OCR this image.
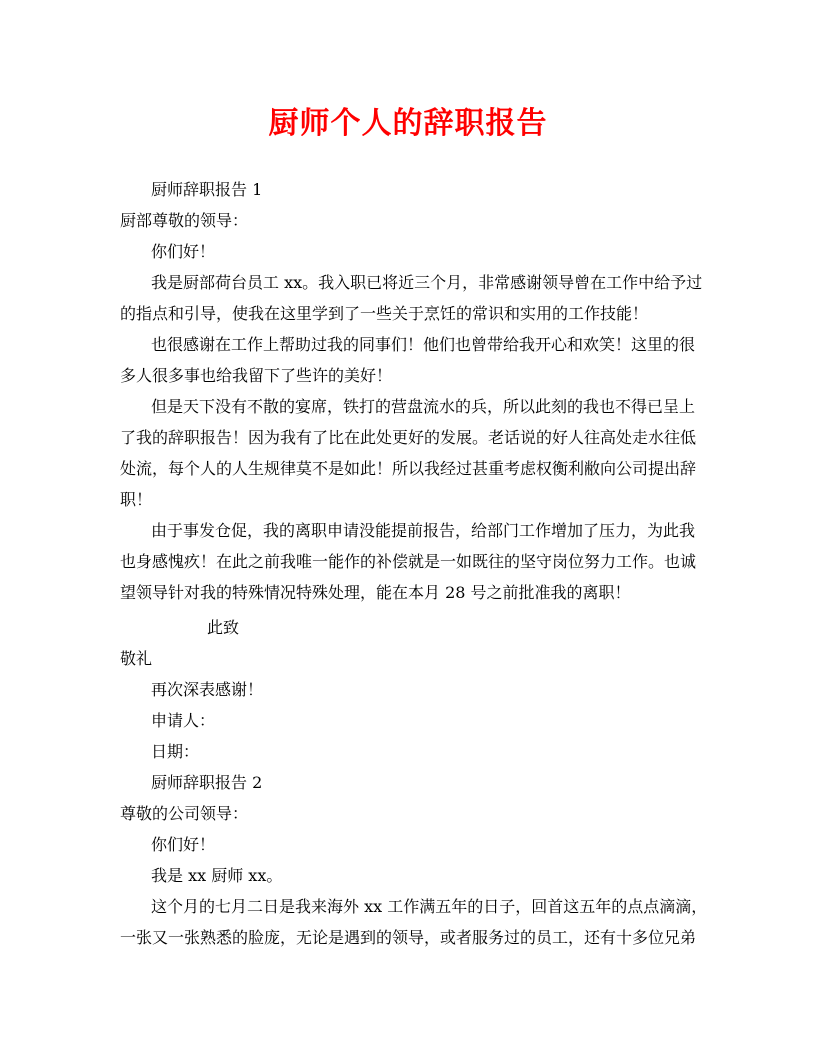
厨师个人的辞职报告
厨师辞职报告 1
厨部尊敬的领导：
你们好！
我是厨部荷台员工 xx。我入职已将近三个月，非常感谢领导曾在工作中给予过
的指点和引导，使我在这里学到了一些关于烹饪的常识和实用的工作技能！
也很感谢在工作上帮助过我的同事们！他们也曾带给我开心和欢笑！这里的很
多人很多事也给我留下了些许的美好！
但是天下没有不散的宴席，铁打的营盘流水的兵，所以此刻的我也不得已呈上
了我的辞职报告！因为我有了比在此处更好的发展。老话说的好人往高处走水往低
处流，每个人的人生规律莫不是如此！所以我经过甚重考虑权衡利敝向公司提出辞
职！
由于事发仓促，我的离职申请没能提前报告，给部门工作增加了压力，为此我
也身感愧疚！在此之前我唯一能作的补偿就是一如既往的坚守岗位努力工作。也诚
望领导针对我的特殊情况特殊处理，能在本月 28 号之前批准我的离职！
此致
敬礼
再次深表感谢！
申请人：
日期：
厨师辞职报告 2
尊敬的公司领导：
你们好！
我是 xx 厨师 xx。
这个月的七月二日是我来海外 xx 工作满五年的日子，回首这五年的点点滴滴，
一张又一张熟悉的脸庞，无论是遇到的领导，或者服务过的员工，还有十多位兄弟
